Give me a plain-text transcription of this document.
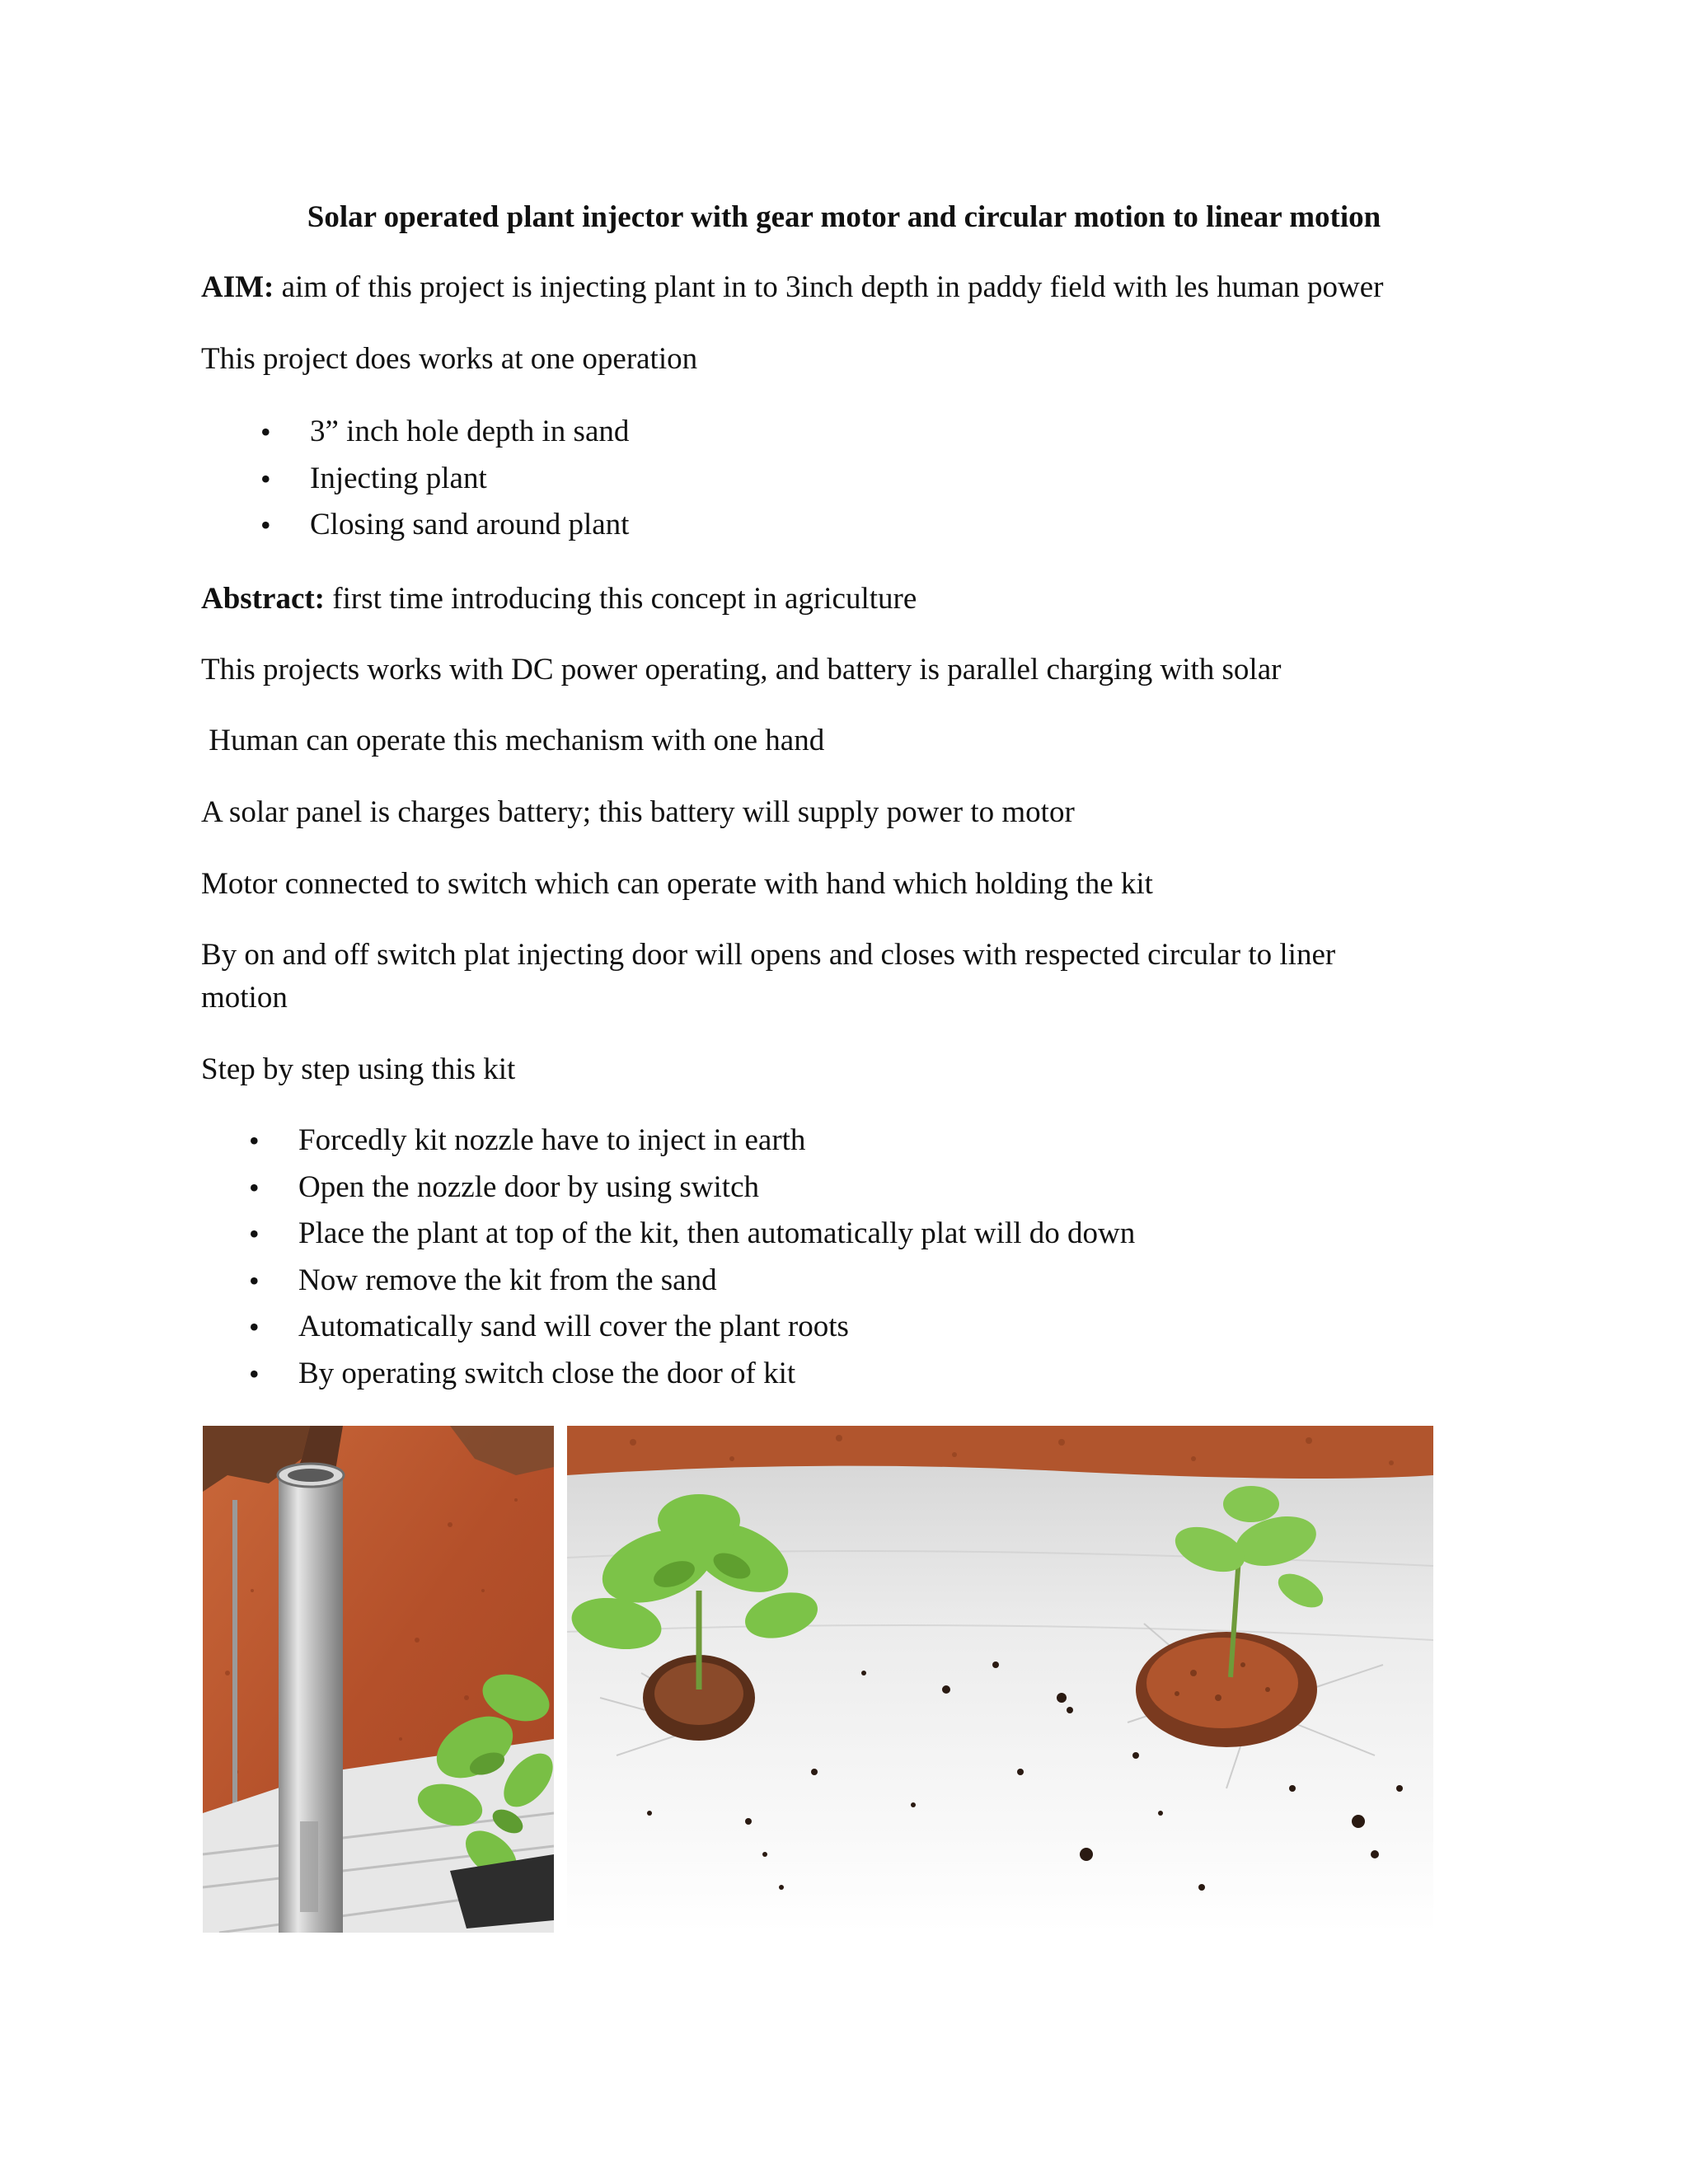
Solar operated plant injector with gear motor and circular motion to linear motion

AIM: aim of this project is injecting plant in to 3inch depth in paddy field with les human power

This project does works at one operation

• 3” inch hole depth in sand
• Injecting plant
• Closing sand around plant

Abstract: first time introducing this concept in agriculture

This projects works with DC power operating, and battery is parallel charging with solar

Human can operate this mechanism with one hand

A solar panel is charges battery; this battery will supply power to motor

Motor connected to switch which can operate with hand which holding the kit

By on and off switch plat injecting door will opens and closes with respected circular to liner

motion

Step by step using this kit

• Forcedly kit nozzle have to inject in earth
• Open the nozzle door by using switch
• Place the plant at top of the kit, then automatically plat will do down
• Now remove the kit from the sand
• Automatically sand will cover the plant roots
• By operating switch close the door of kit
